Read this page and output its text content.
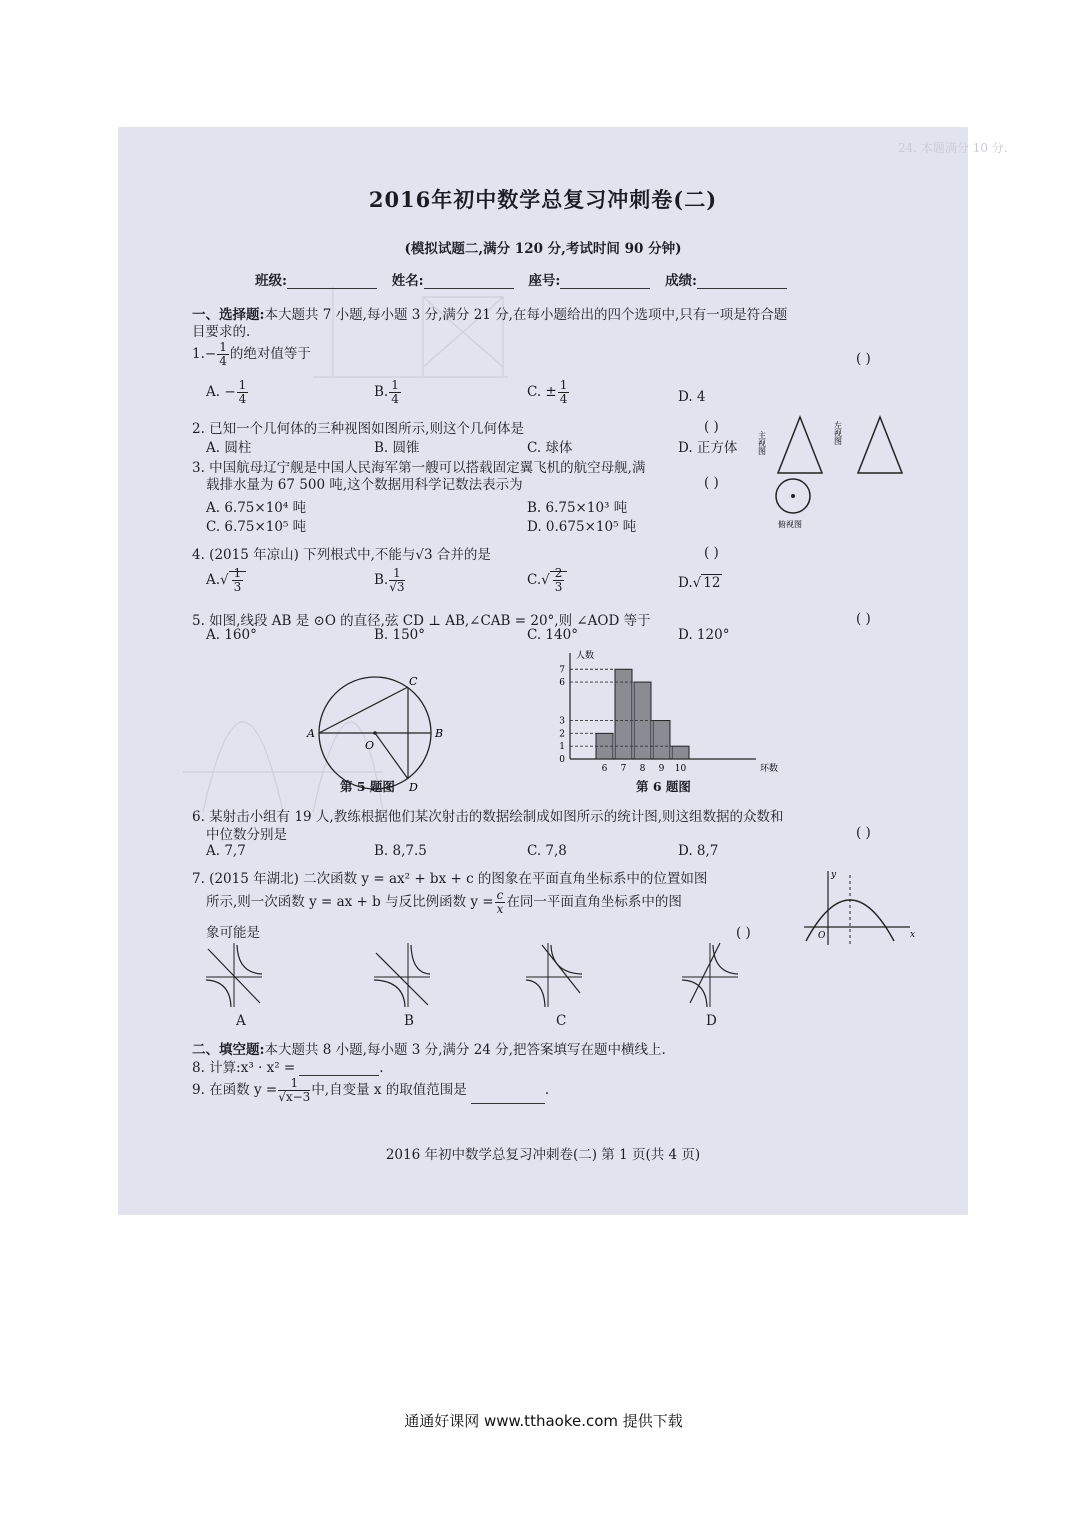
24. 本题满分 10 分.
2016年初中数学总复习冲刺卷(二)
(模拟试题二,满分 120 分,考试时间 90 分钟)
班级:	姓名:	座号:	成绩:
一、选择题:本大题共 7 小题,每小题 3 分,满分 21 分,在每小题给出的四个选项中,只有一项是符合题
目要求的.
$1.- \frac{1}{4}$ 的绝对值等于	( )
A. − $\frac{1}{4}$	B. $\frac{1}{4}$	C. ± $\frac{1}{4}$	D. 4
2. 已知一个几何体的三种视图如图所示,则这个几何体是	( )
A. 圆柱	B. 圆锥	C. 球体	D. 正方体	主视图	左视图
俯视图
3. 中国航母辽宁舰是中国人民海军第一艘可以搭载固定翼飞机的航空母舰,满
载排水量为 67 500 吨,这个数据用科学记数法表示为	( )
A. 6.75×10⁴ 吨	B. 6.75×10³ 吨
C. 6.75×10⁵ 吨	D. 0.675×10⁵ 吨
4. (2015 年凉山) 下列根式中,不能与√3 合并的是	( )
$A.√ \frac{1}{3}$	B. $\frac{1}{√3}$	$C.√ \frac{2}{3}$	D.√ 12
5. 如图,线段 AB 是 ⊙O 的直径,弦 CD ⊥ AB,∠CAB = 20°,则 ∠AOD 等于	( )
A. 160°	B. 150°	C. 140°	D. 120°
A	B
C
D
O
第 5 题图
6 7 8 9 10
0
1
2
3
6
7
人数
环数
第 6 题图
6. 某射击小组有 19 人,教练根据他们某次射击的数据绘制成如图所示的统计图,则这组数据的众数和
中位数分别是	( )
A. 7,7	B. 8,7.5	C. 7,8	D. 8,7
7. (2015 年湖北) 二次函数 y = ax² + bx + c 的图象在平面直角坐标系中的位置如图
所示,则一次函数 y = ax + b 与反比例函数 $y = \frac{c}{x}$ 在同一平面直角坐标系中的图
象可能是	( )
y
x
O
A	B	C	D
二、填空题:本大题共 8 小题,每小题 3 分,满分 24 分,把答案填写在题中横线上.
8. 计算:x³ · x² =	.
9. 在函数 $y = \frac{1}{√x-3}$ 中,自变量 x 的取值范围是	.
2016 年初中数学总复习冲刺卷(二) 第 1 页(共 4 页)
通通好课网 www.tthaoke.com 提供下载
